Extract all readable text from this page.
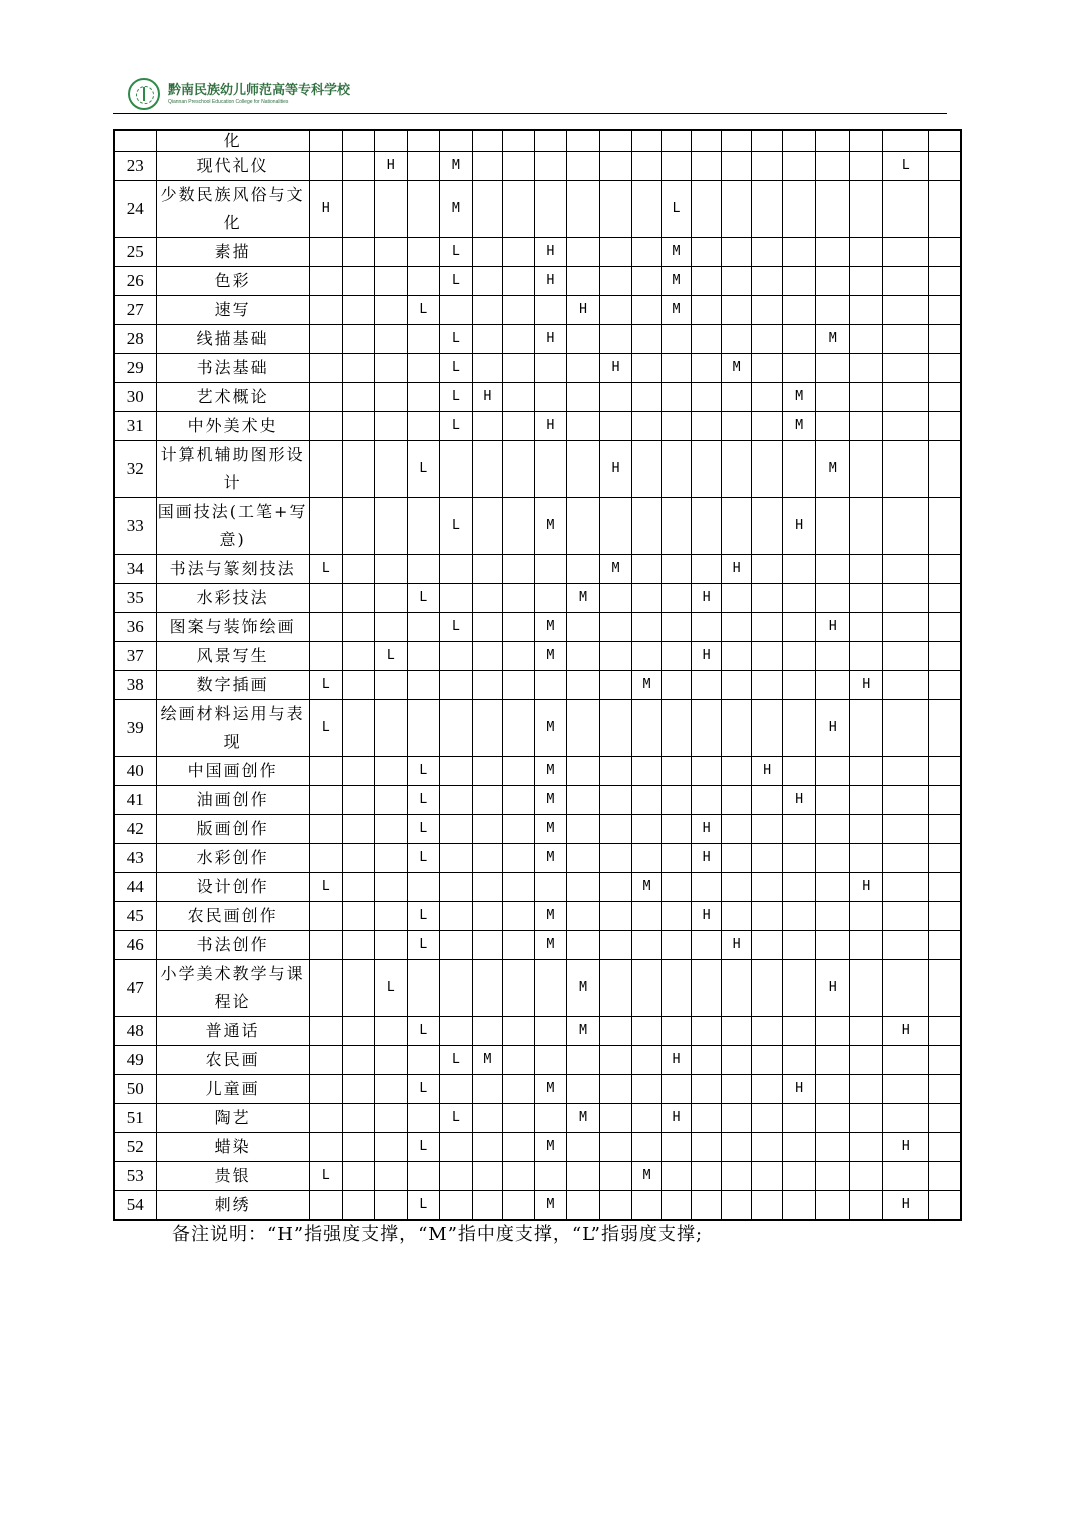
黔南民族幼儿师范高等专科学校
Qiannan Preschool Education College for Nationalities
	化																				
23	现代礼仪			H		M														L	
24	少数民族风俗与文化	H				M							L								
25	素描					L			H				M								
26	色彩					L			H				M								
27	速写				L					H			M								
28	线描基础					L			H									M			
29	书法基础					L					H				M						
30	艺术概论					L	H										M				
31	中外美术史					L			H								M				
32	计算机辅助图形设计				L						H							M			
33	国画技法(工笔+写意)					L			M								H				
34	书法与篆刻技法	L									M				H						
35	水彩技法				L					M				H							
36	图案与装饰绘画					L			M									H			
37	风景写生			L					M					H							
38	数字插画	L										M							H		
39	绘画材料运用与表现	L							M									H			
40	中国画创作				L				M							H					
41	油画创作				L				M								H				
42	版画创作				L				M					H							
43	水彩创作				L				M					H							
44	设计创作	L										M							H		
45	农民画创作				L				M					H							
46	书法创作				L				M						H						
47	小学美术教学与课程论			L						M								H			
48	普通话				L					M										H	
49	农民画					L	M						H								
50	儿童画				L				M								H				
51	陶艺					L				M			H								
52	蜡染				L				M											H	
53	贵银	L										M									
54	刺绣				L				M											H	
备注说明：“H”指强度支撑，“M”指中度支撑，“L”指弱度支撑;
